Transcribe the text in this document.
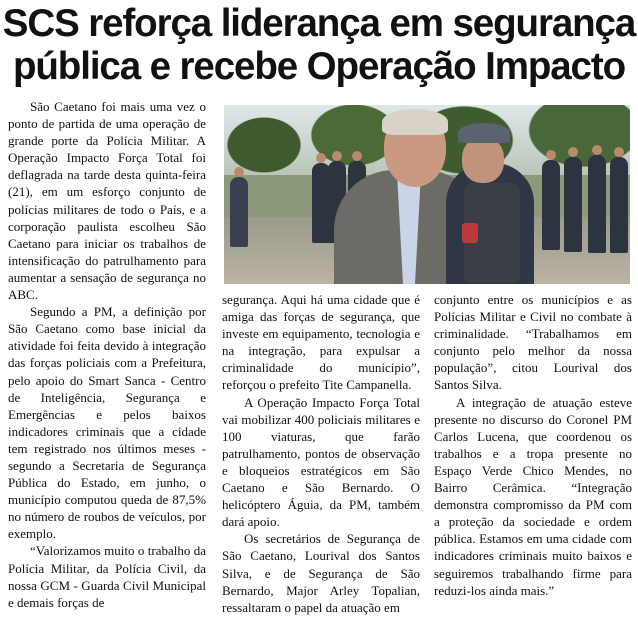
SCS reforça liderança em segurança
pública e recebe Operação Impacto

São Caetano foi mais uma vez o ponto de partida de uma operação de grande porte da Polícia Militar. A Operação Impacto Força Total foi deflagrada na tarde desta quinta-feira (21), em um esforço conjunto de polícias militares de todo o País, e a corporação paulista escolheu São Caetano para iniciar os trabalhos de intensificação do patrulhamento para aumentar a sensação de segurança no ABC.

Segundo a PM, a definição por São Caetano como base inicial da atividade foi feita devido à integração das forças policiais com a Prefeitura, pelo apoio do Smart Sanca - Centro de Inteligência, Segurança e Emergências e pelos baixos indicadores criminais que a cidade tem registrado nos últimos meses - segundo a Secretaria de Segurança Pública do Estado, em junho, o município computou queda de 87,5% no número de roubos de veículos, por exemplo.

“Valorizamos muito o trabalho da Polícia Militar, da Polícia Civil, da nossa GCM - Guarda Civil Municipal e demais forças de

segurança. Aqui há uma cidade que é amiga das forças de segurança, que investe em equipamento, tecnologia e na integração, para expulsar a criminalidade do município”, reforçou o prefeito Tite Campanella.

A Operação Impacto Força Total vai mobilizar 400 policiais militares e 100 viaturas, que farão patrulhamento, pontos de observação e bloqueios estratégicos em São Caetano e São Bernardo. O helicóptero Águia, da PM, também dará apoio.

Os secretários de Segurança de São Caetano, Lourival dos Santos Silva, e de Segurança de São Bernardo, Major Arley Topalian, ressaltaram o papel da atuação em

conjunto entre os municípios e as Polícias Militar e Civil no combate à criminalidade. “Trabalhamos em conjunto pelo melhor da nossa população”, citou Lourival dos Santos Silva.

A integração de atuação esteve presente no discurso do Coronel PM Carlos Lucena, que coordenou os trabalhos e a tropa presente no Espaço Verde Chico Mendes, no Bairro Cerâmica. “Integração demonstra compromisso da PM com a proteção da sociedade e ordem pública. Estamos em uma cidade com indicadores criminais muito baixos e seguiremos trabalhando firme para reduzi-los ainda mais.”
